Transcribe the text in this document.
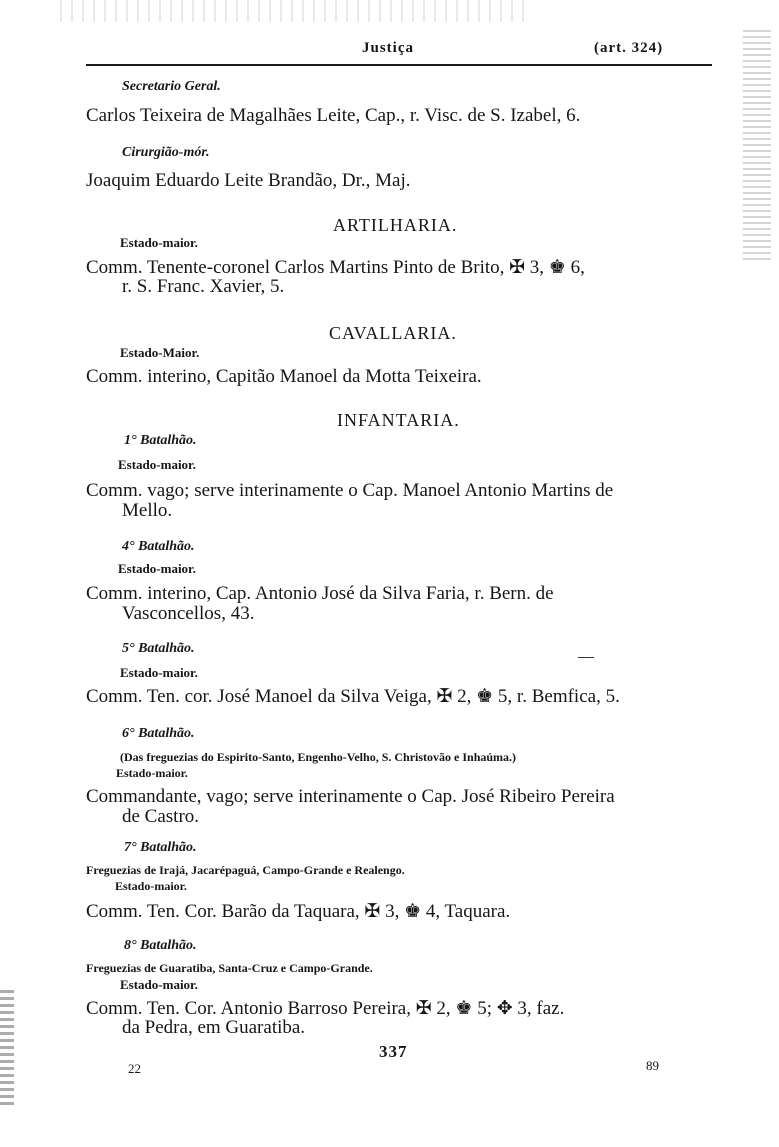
Justiça	(art. 324)
Secretario Geral.
Carlos Teixeira de Magalhães Leite, Cap., r. Visc. de S. Izabel, 6.
Cirurgião-mór.
Joaquim Eduardo Leite Brandão, Dr., Maj.
ARTILHARIA.
Estado-maior.
Comm. Tenente-coronel Carlos Martins Pinto de Brito, ✠ 3, ♚ 6,
r. S. Franc. Xavier, 5.
CAVALLARIA.
Estado-Maior.
Comm. interino, Capitão Manoel da Motta Teixeira.
INFANTARIA.
1° Batalhão.
Estado-maior.
Comm. vago; serve interinamente o Cap. Manoel Antonio Martins de
Mello.
4° Batalhão.
Estado-maior.
Comm. interino, Cap. Antonio José da Silva Faria, r. Bern. de
Vasconcellos, 43.
5° Batalhão.
Estado-maior.
Comm. Ten. cor. José Manoel da Silva Veiga, ✠ 2, ♚ 5, r. Bemfica, 5.
6° Batalhão.
(Das freguezias do Espirito-Santo, Engenho-Velho, S. Christovão e Inhaúma.)
Estado-maior.
Commandante, vago; serve interinamente o Cap. José Ribeiro Pereira
de Castro.
7° Batalhão.
Freguezias de Irajá, Jacarépaguá, Campo-Grande e Realengo.
Estado-maior.
Comm. Ten. Cor. Barão da Taquara, ✠ 3, ♚ 4, Taquara.
8° Batalhão.
Freguezias de Guaratiba, Santa-Cruz e Campo-Grande.
Estado-maior.
Comm. Ten. Cor. Antonio Barroso Pereira, ✠ 2, ♚ 5; ✥ 3, faz.
da Pedra, em Guaratiba.
337
22	89
